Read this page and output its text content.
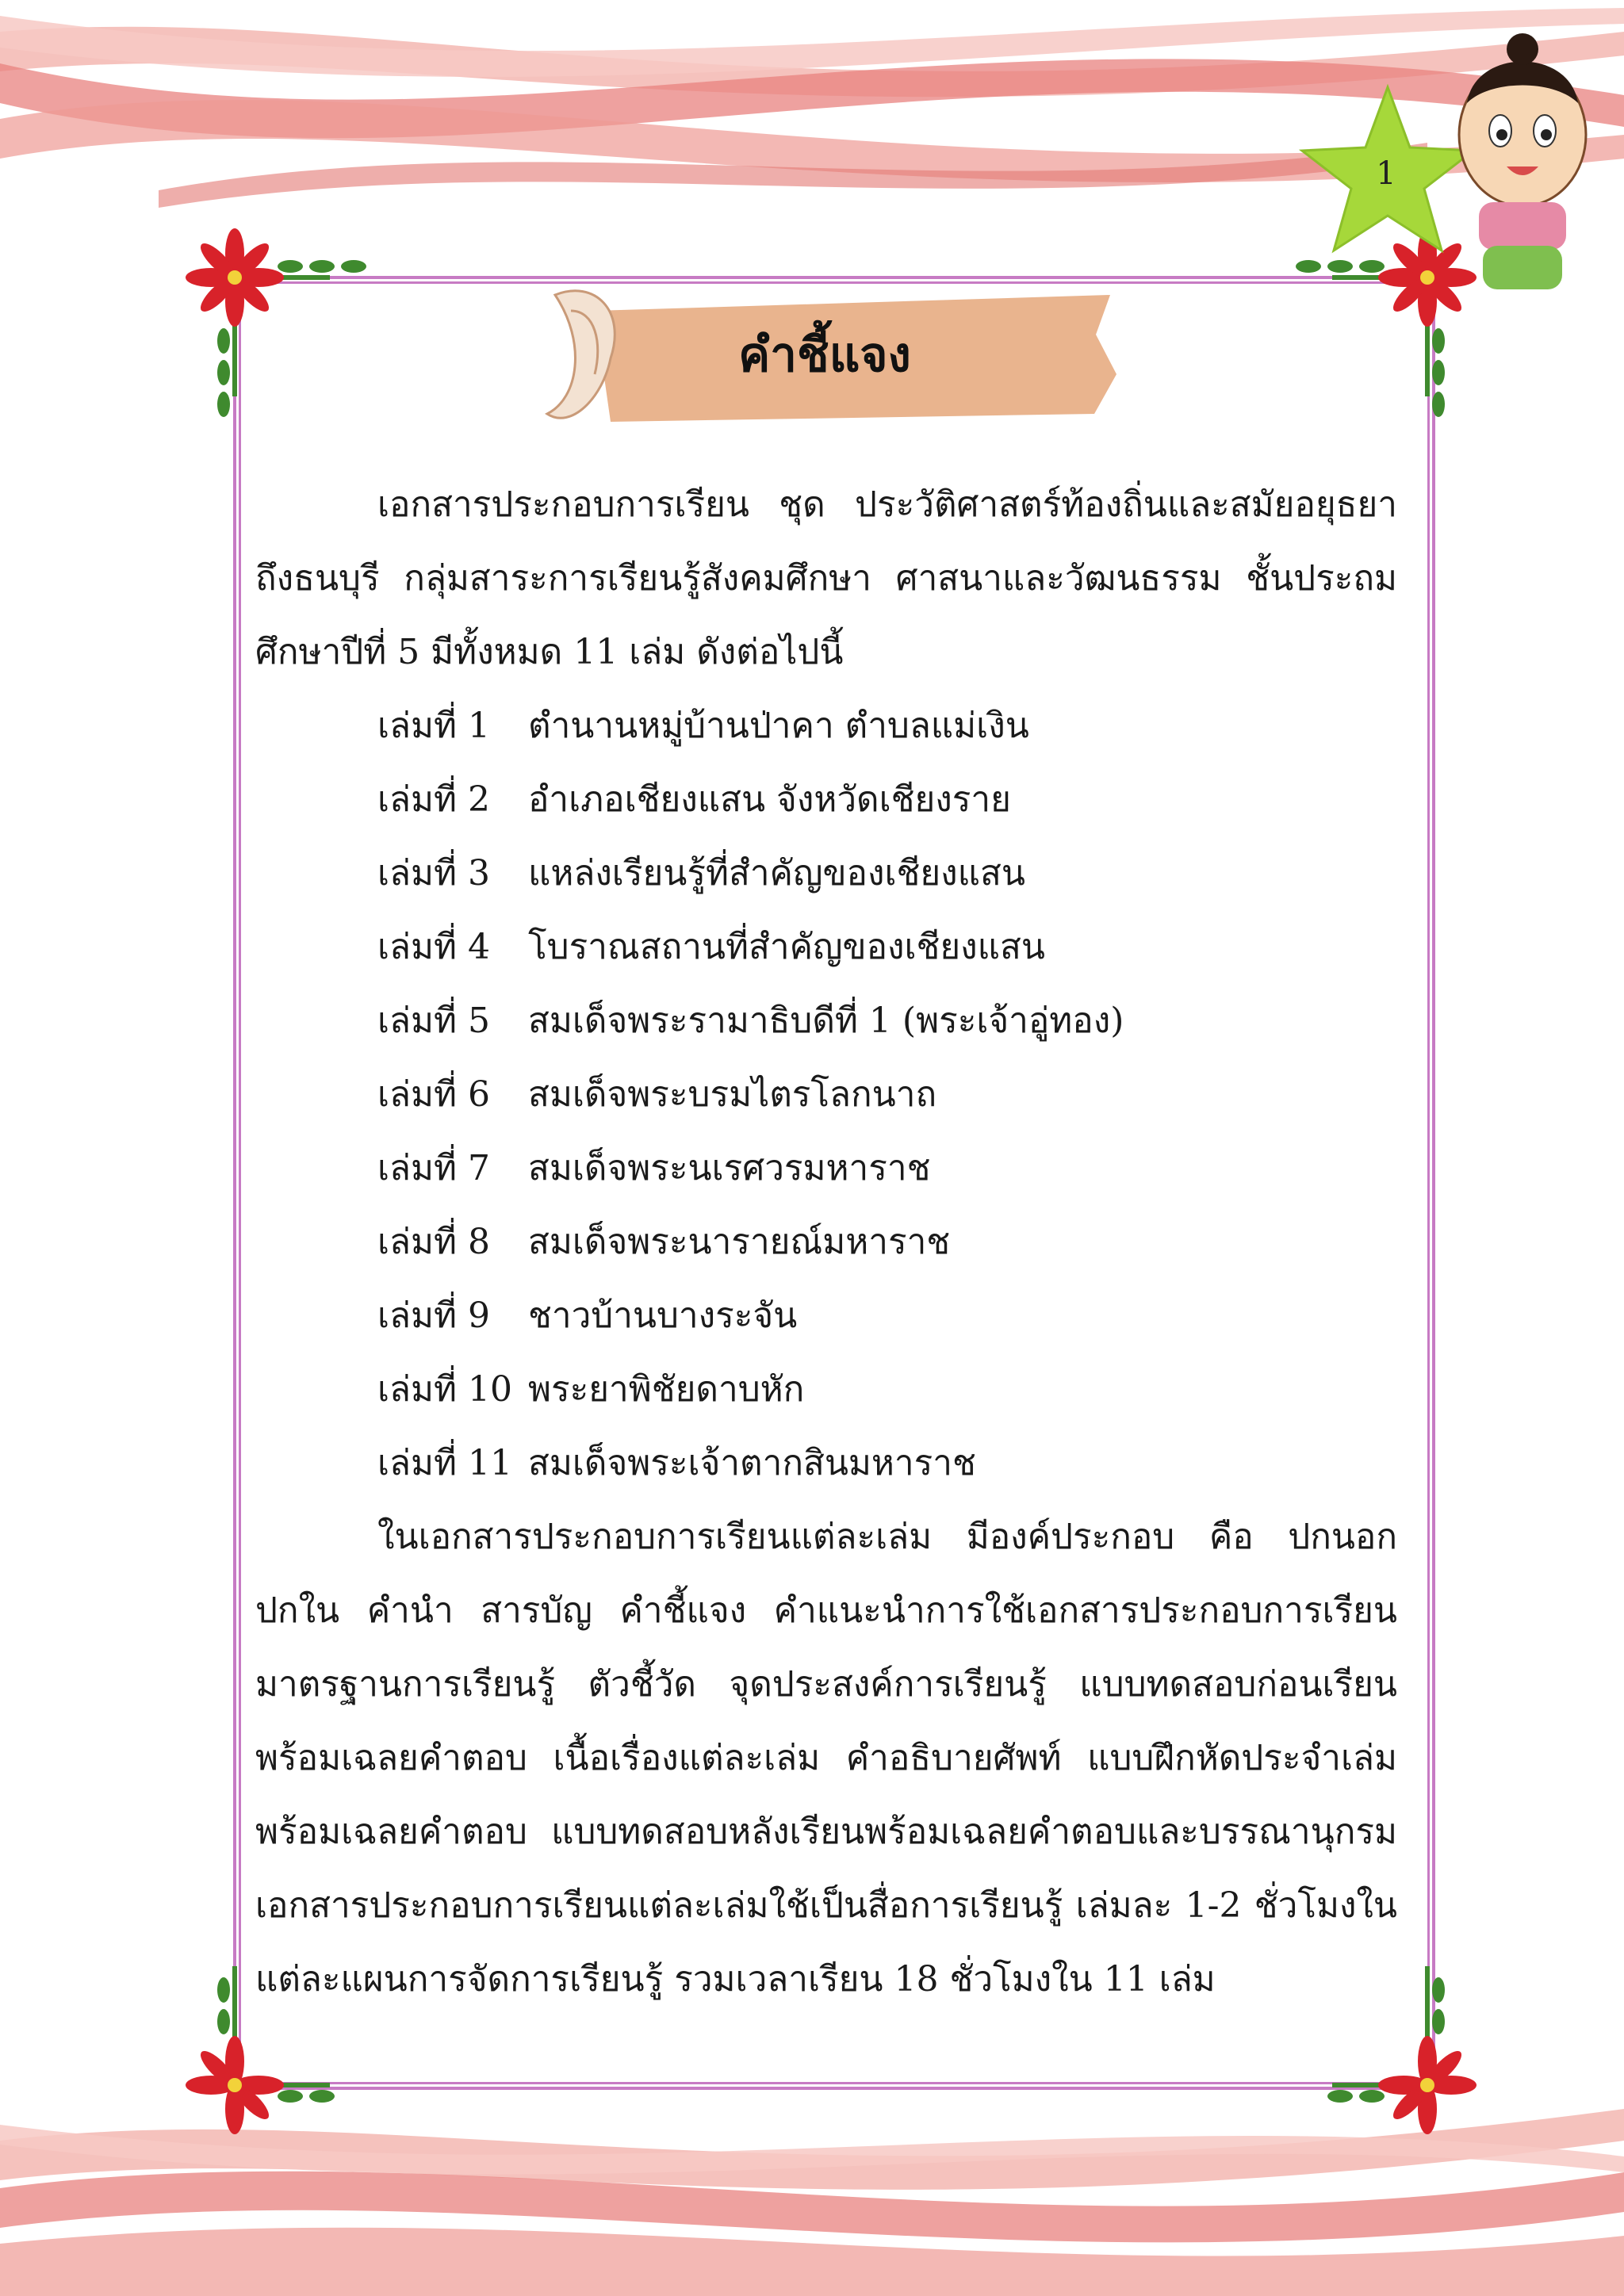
1
คำชี้แจง

เอกสารประกอบการเรียน ชุด ประวัติศาสตร์ท้องถิ่นและสมัยอยุธยาถึงธนบุรี กลุ่มสาระการเรียนรู้สังคมศึกษา ศาสนาและวัฒนธรรม ชั้นประถมศึกษาปีที่ 5 มีทั้งหมด 11 เล่ม ดังต่อไปนี้

เล่มที่ 1 ตำนานหมู่บ้านป่าคา ตำบลแม่เงิน
เล่มที่ 2 อำเภอเชียงแสน จังหวัดเชียงราย
เล่มที่ 3 แหล่งเรียนรู้ที่สำคัญของเชียงแสน
เล่มที่ 4 โบราณสถานที่สำคัญของเชียงแสน
เล่มที่ 5 สมเด็จพระรามาธิบดีที่ 1 (พระเจ้าอู่ทอง)
เล่มที่ 6 สมเด็จพระบรมไตรโลกนาถ
เล่มที่ 7 สมเด็จพระนเรศวรมหาราช
เล่มที่ 8 สมเด็จพระนารายณ์มหาราช
เล่มที่ 9 ชาวบ้านบางระจัน
เล่มที่ 10 พระยาพิชัยดาบหัก
เล่มที่ 11 สมเด็จพระเจ้าตากสินมหาราช

ในเอกสารประกอบการเรียนแต่ละเล่ม มีองค์ประกอบ คือ ปกนอก ปกใน คำนำ สารบัญ คำชี้แจง คำแนะนำการใช้เอกสารประกอบการเรียน มาตรฐานการเรียนรู้ ตัวชี้วัด จุดประสงค์การเรียนรู้ แบบทดสอบก่อนเรียนพร้อมเฉลยคำตอบ เนื้อเรื่องแต่ละเล่ม คำอธิบายศัพท์ แบบฝึกหัดประจำเล่มพร้อมเฉลยคำตอบ แบบทดสอบหลังเรียนพร้อมเฉลยคำตอบและบรรณานุกรม เอกสารประกอบการเรียนแต่ละเล่มใช้เป็นสื่อการเรียนรู้ เล่มละ 1-2 ชั่วโมงในแต่ละแผนการจัดการเรียนรู้ รวมเวลาเรียน 18 ชั่วโมงใน 11 เล่ม
